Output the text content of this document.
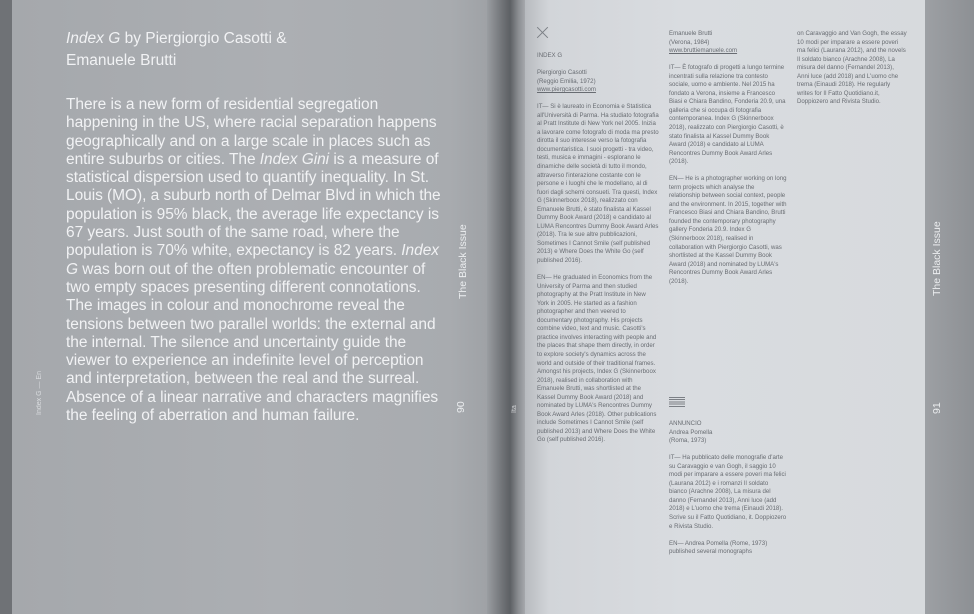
Index G by Piergiorgio Casotti & Emanuele Brutti
There is a new form of residential segregation happening in the US, where racial separation happens geographically and on a large scale in places such as entire suburbs or cities. The Index Gini is a measure of statistical dispersion used to quantify inequality. In St. Louis (MO), a suburb north of Delmar Blvd in which the population is 95% black, the average life expectancy is 67 years. Just south of the same road, where the population is 70% white, expectancy is 82 years. Index G was born out of the often problematic encounter of two empty spaces presenting different connotations. The images in colour and monochrome reveal the tensions between two parallel worlds: the external and the internal. The silence and uncertainty guide the viewer to experience an indefinite level of perception and interpretation, between the real and the surreal. Absence of a linear narrative and characters magnifies the feeling of aberration and human failure.
Index G — En
The Black Issue
90	Ita

INDEX G

Piergiorgio Casotti
(Reggio Emilia, 1972)

www.piergcasotti.com

IT— Si è laureato in Economia e Statistica all'Università di Parma. Ha studiato fotografia al Pratt Institute di New York nel 2005. Inizia a lavorare come fotografo di moda ma presto dirotta il suo interesse verso la fotografia documentaristica. I suoi progetti - tra video, testi, musica e immagini - esplorano le dinamiche delle società di tutto il mondo, attraverso l'interazione costante con le persone e i luoghi che le modellano, al di fuori dagli schemi consueti. Tra questi, Index G (Skinnerboox 2018), realizzato con Emanuele Brutti, è stato finalista al Kassel Dummy Book Award (2018) e candidato al LUMA Rencontres Dummy Book Award Arles (2018). Tra le sue altre pubblicazioni, Sometimes I Cannot Smile (self published 2013) e Where Does the White Go (self published 2016).

EN— He graduated in Economics from the University of Parma and then studied photography at the Pratt Institute in New York in 2005. He started as a fashion photographer and then veered to documentary photography. His projects combine video, text and music. Casotti's practice involves interacting with people and the places that shape them directly, in order to explore society's dynamics across the world and outside of their traditional frames. Amongst his projects, Index G (Skinnerboox 2018), realised in collaboration with Emanuele Brutti, was shortlisted at the Kassel Dummy Book Award (2018) and nominated by LUMA's Rencontres Dummy Book Award Arles (2018). Other publications include Sometimes I Cannot Smile (self published 2013) and Where Does the White Go (self published 2016).

Emanuele Brutti
(Verona, 1984)

www.bruttiemanuele.com

IT— È fotografo di progetti a lungo termine incentrati sulla relazione tra contesto sociale, uomo e ambiente. Nel 2015 ha fondato a Verona, insieme a Francesco Biasi e Chiara Bandino, Fonderia 20.9, una galleria che si occupa di fotografia contemporanea. Index G (Skinnerboox 2018), realizzato con Piergiorgio Casotti, è stato finalista al Kassel Dummy Book Award (2018) e candidato al LUMA Rencontres Dummy Book Award Arles (2018).

EN— He is a photographer working on long term projects which analyse the relationship between social context, people and the environment. In 2015, together with Francesco Biasi and Chiara Bandino, Brutti founded the contemporary photography gallery Fonderia 20.9. Index G (Skinnerboox 2018), realised in collaboration with Piergiorgio Casotti, was shortlisted at the Kassel Dummy Book Award (2018) and nominated by LUMA's Rencontres Dummy Book Award Arles (2018).

ANNUNCIO
Andrea Pomella

(Roma, 1973)

IT— Ha pubblicato delle monografie d'arte su Caravaggio e van Gogh, il saggio 10 modi per imparare a essere poveri ma felici (Laurana 2012) e i romanzi Il soldato bianco (Arachne 2008), La misura del danno (Fernandel 2013), Anni luce (add 2018) e L'uomo che trema (Einaudi 2018). Scrive su il Fatto Quotidiano, it. Doppiozero e Rivista Studio.

EN— Andrea Pomella (Rome, 1973) published several monographs

on Caravaggio and Van Gogh, the essay 10 modi per imparare a essere poveri ma felici (Laurana 2012), and the novels Il soldato bianco (Arachne 2008), La misura del danno (Fernandel 2013), Anni luce (add 2018) and L'uomo che trema (Einaudi 2018). He regularly writes for Il Fatto Quotidiano.it, Doppiozero and Rivista Studio.

The Black Issue
91
